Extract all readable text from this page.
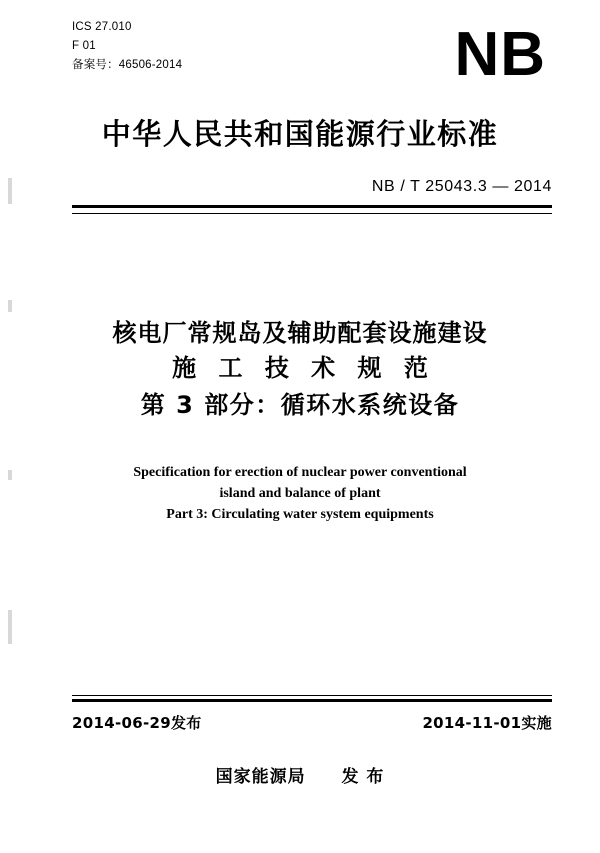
ICS 27.010
F 01
备案号：46506-2014	NB
中华人民共和国能源行业标准
NB / T 25043.3 — 2014
核电厂常规岛及辅助配套设施建设
施 工 技 术 规 范
第 3 部分：循环水系统设备
Specification for erection of nuclear power conventional
island and balance of plant
Part 3: Circulating water system equipments
2014-06-29发布	2014-11-01实施
国家能源局 发 布
